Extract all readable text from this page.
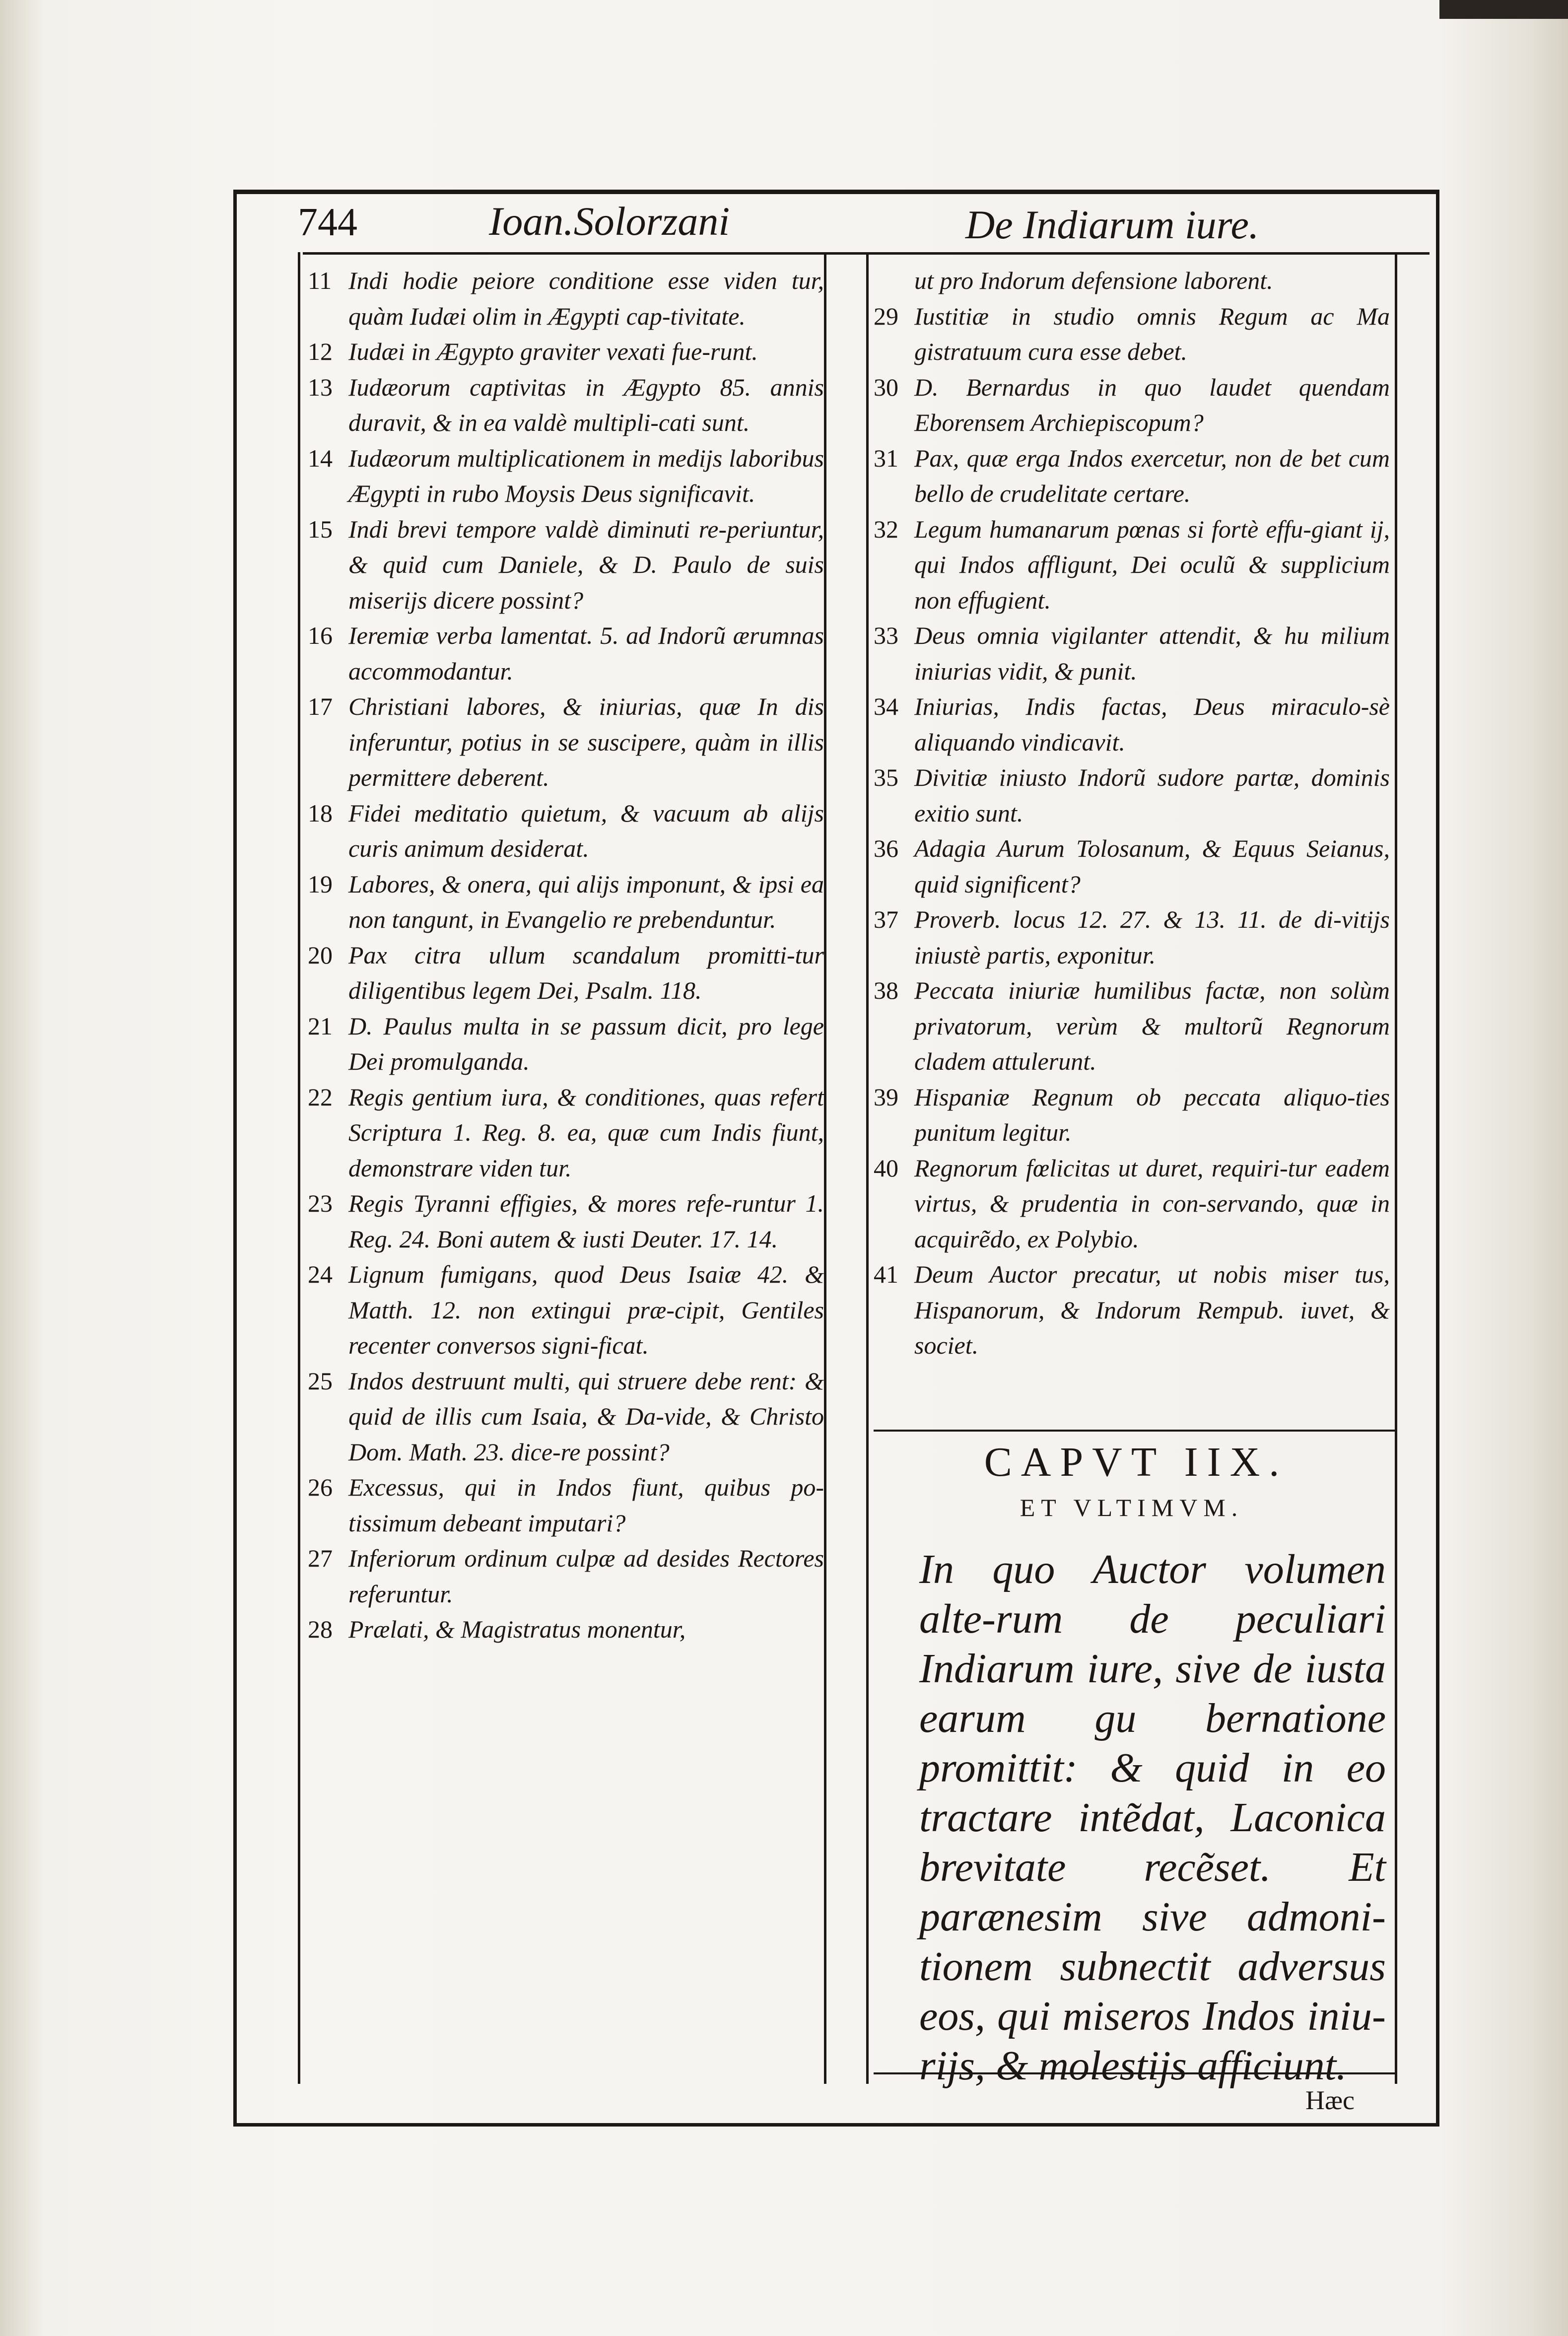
744	Ioan.Solorzani	De Indiarum iure.

11 Indi hodie peiore conditione esse viden tur, quàm Iudæi olim in Ægypti cap-tivitate.

12 Iudæi in Ægypto graviter vexati fue-runt.

13 Iudæorum captivitas in Ægypto 85. annis duravit, & in ea valdè multipli-cati sunt.

14 Iudæorum multiplicationem in medijs laboribus Ægypti in rubo Moysis Deus significavit.

15 Indi brevi tempore valdè diminuti re-periuntur, & quid cum Daniele, & D. Paulo de suis miserijs dicere possint?

16 Ieremiæ verba lamentat. 5. ad Indorũ ærumnas accommodantur.

17 Christiani labores, & iniurias, quæ In dis inferuntur, potius in se suscipere, quàm in illis permittere deberent.

18 Fidei meditatio quietum, & vacuum ab alijs curis animum desiderat.

19 Labores, & onera, qui alijs imponunt, & ipsi ea non tangunt, in Evangelio re prebenduntur.

20 Pax citra ullum scandalum promitti-tur diligentibus legem Dei, Psalm. 118.

21 D. Paulus multa in se passum dicit, pro lege Dei promulganda.

22 Regis gentium iura, & conditiones, quas refert Scriptura 1. Reg. 8. ea, quæ cum Indis fiunt, demonstrare viden tur.

23 Regis Tyranni effigies, & mores refe-runtur 1. Reg. 24. Boni autem & iusti Deuter. 17. 14.

24 Lignum fumigans, quod Deus Isaiæ 42. & Matth. 12. non extingui præ-cipit, Gentiles recenter conversos signi-ficat.

25 Indos destruunt multi, qui struere debe rent: & quid de illis cum Isaia, & Da-vide, & Christo Dom. Math. 23. dice-re possint?

26 Excessus, qui in Indos fiunt, quibus po-tissimum debeant imputari?

27 Inferiorum ordinum culpæ ad desides Rectores referuntur.

28 Prælati, & Magistratus monentur,

ut pro Indorum defensione laborent.

29 Iustitiæ in studio omnis Regum ac Ma gistratuum cura esse debet.

30 D. Bernardus in quo laudet quendam Eborensem Archiepiscopum?

31 Pax, quæ erga Indos exercetur, non de bet cum bello de crudelitate certare.

32 Legum humanarum pœnas si fortè effu-giant ij, qui Indos affligunt, Dei oculũ & supplicium non effugient.

33 Deus omnia vigilanter attendit, & hu milium iniurias vidit, & punit.

34 Iniurias, Indis factas, Deus miraculo-sè aliquando vindicavit.

35 Divitiæ iniusto Indorũ sudore partæ, dominis exitio sunt.

36 Adagia Aurum Tolosanum, & Equus Seianus, quid significent?

37 Proverb. locus 12. 27. & 13. 11. de di-vitijs iniustè partis, exponitur.

38 Peccata iniuriæ humilibus factæ, non solùm privatorum, verùm & multorũ Regnorum cladem attulerunt.

39 Hispaniæ Regnum ob peccata aliquo-ties punitum legitur.

40 Regnorum fœlicitas ut duret, requiri-tur eadem virtus, & prudentia in con-servando, quæ in acquirẽdo, ex Polybio.

41 Deum Auctor precatur, ut nobis miser tus, Hispanorum, & Indorum Rempub. iuvet, & societ.

CAPVT IIX.

ET VLTIMVM.

In quo Auctor volumen alte-rum de peculiari Indiarum iure, sive de iusta earum gu bernatione promittit: & quid in eo tractare intẽdat, Laconica brevitate recẽset. Et parænesim sive admoni-tionem subnectit adversus eos, qui miseros Indos iniu-rijs, & molestijs afficiunt.
Hæc
